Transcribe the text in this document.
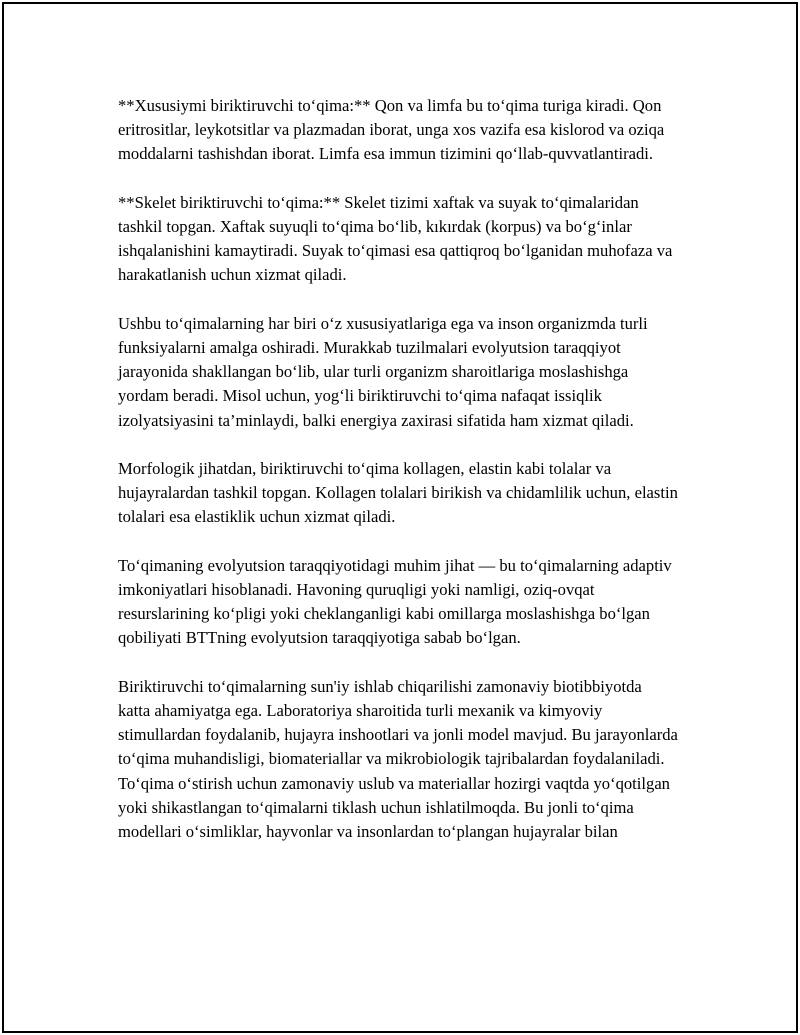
**Xususiymi biriktiruvchi to‘qima:** Qon va limfa bu to‘qima turiga kiradi. Qon eritrositlar, leykotsitlar va plazmadan iborat, unga xos vazifa esa kislorod va oziqa moddalarni tashishdan iborat. Limfa esa immun tizimini qo‘llab-quvvatlantiradi.

**Skelet biriktiruvchi to‘qima:** Skelet tizimi xaftak va suyak to‘qimalaridan tashkil topgan. Xaftak suyuqli to‘qima bo‘lib, kıkırdak (korpus) va bo‘g‘inlar ishqalanishini kamaytiradi. Suyak to‘qimasi esa qattiqroq bo‘lganidan muhofaza va harakatlanish uchun xizmat qiladi.

Ushbu to‘qimalarning har biri o‘z xususiyatlariga ega va inson organizmda turli funksiyalarni amalga oshiradi. Murakkab tuzilmalari evolyutsion taraqqiyot jarayonida shakllangan bo‘lib, ular turli organizm sharoitlariga moslashishga yordam beradi. Misol uchun, yog‘li biriktiruvchi to‘qima nafaqat issiqlik izolyatsiyasini ta’minlaydi, balki energiya zaxirasi sifatida ham xizmat qiladi.

Morfologik jihatdan, biriktiruvchi to‘qima kollagen, elastin kabi tolalar va hujayralardan tashkil topgan. Kollagen tolalari birikish va chidamlilik uchun, elastin tolalari esa elastiklik uchun xizmat qiladi.

To‘qimaning evolyutsion taraqqiyotidagi muhim jihat — bu to‘qimalarning adaptiv imkoniyatlari hisoblanadi. Havoning quruqligi yoki namligi, oziq-ovqat resurslarining ko‘pligi yoki cheklanganligi kabi omillarga moslashishga bo‘lgan qobiliyati BTTning evolyutsion taraqqiyotiga sabab bo‘lgan.

Biriktiruvchi to‘qimalarning sun'iy ishlab chiqarilishi zamonaviy biotibbiyotda katta ahamiyatga ega. Laboratoriya sharoitida turli mexanik va kimyoviy stimullardan foydalanib, hujayra inshootlari va jonli model mavjud. Bu jarayonlarda to‘qima muhandisligi, biomateriallar va mikrobiologik tajribalardan foydalaniladi. To‘qima o‘stirish uchun zamonaviy uslub va materiallar hozirgi vaqtda yo‘qotilgan yoki shikastlangan to‘qimalarni tiklash uchun ishlatilmoqda. Bu jonli to‘qima modellari o‘simliklar, hayvonlar va insonlardan to‘plangan hujayralar bilan
